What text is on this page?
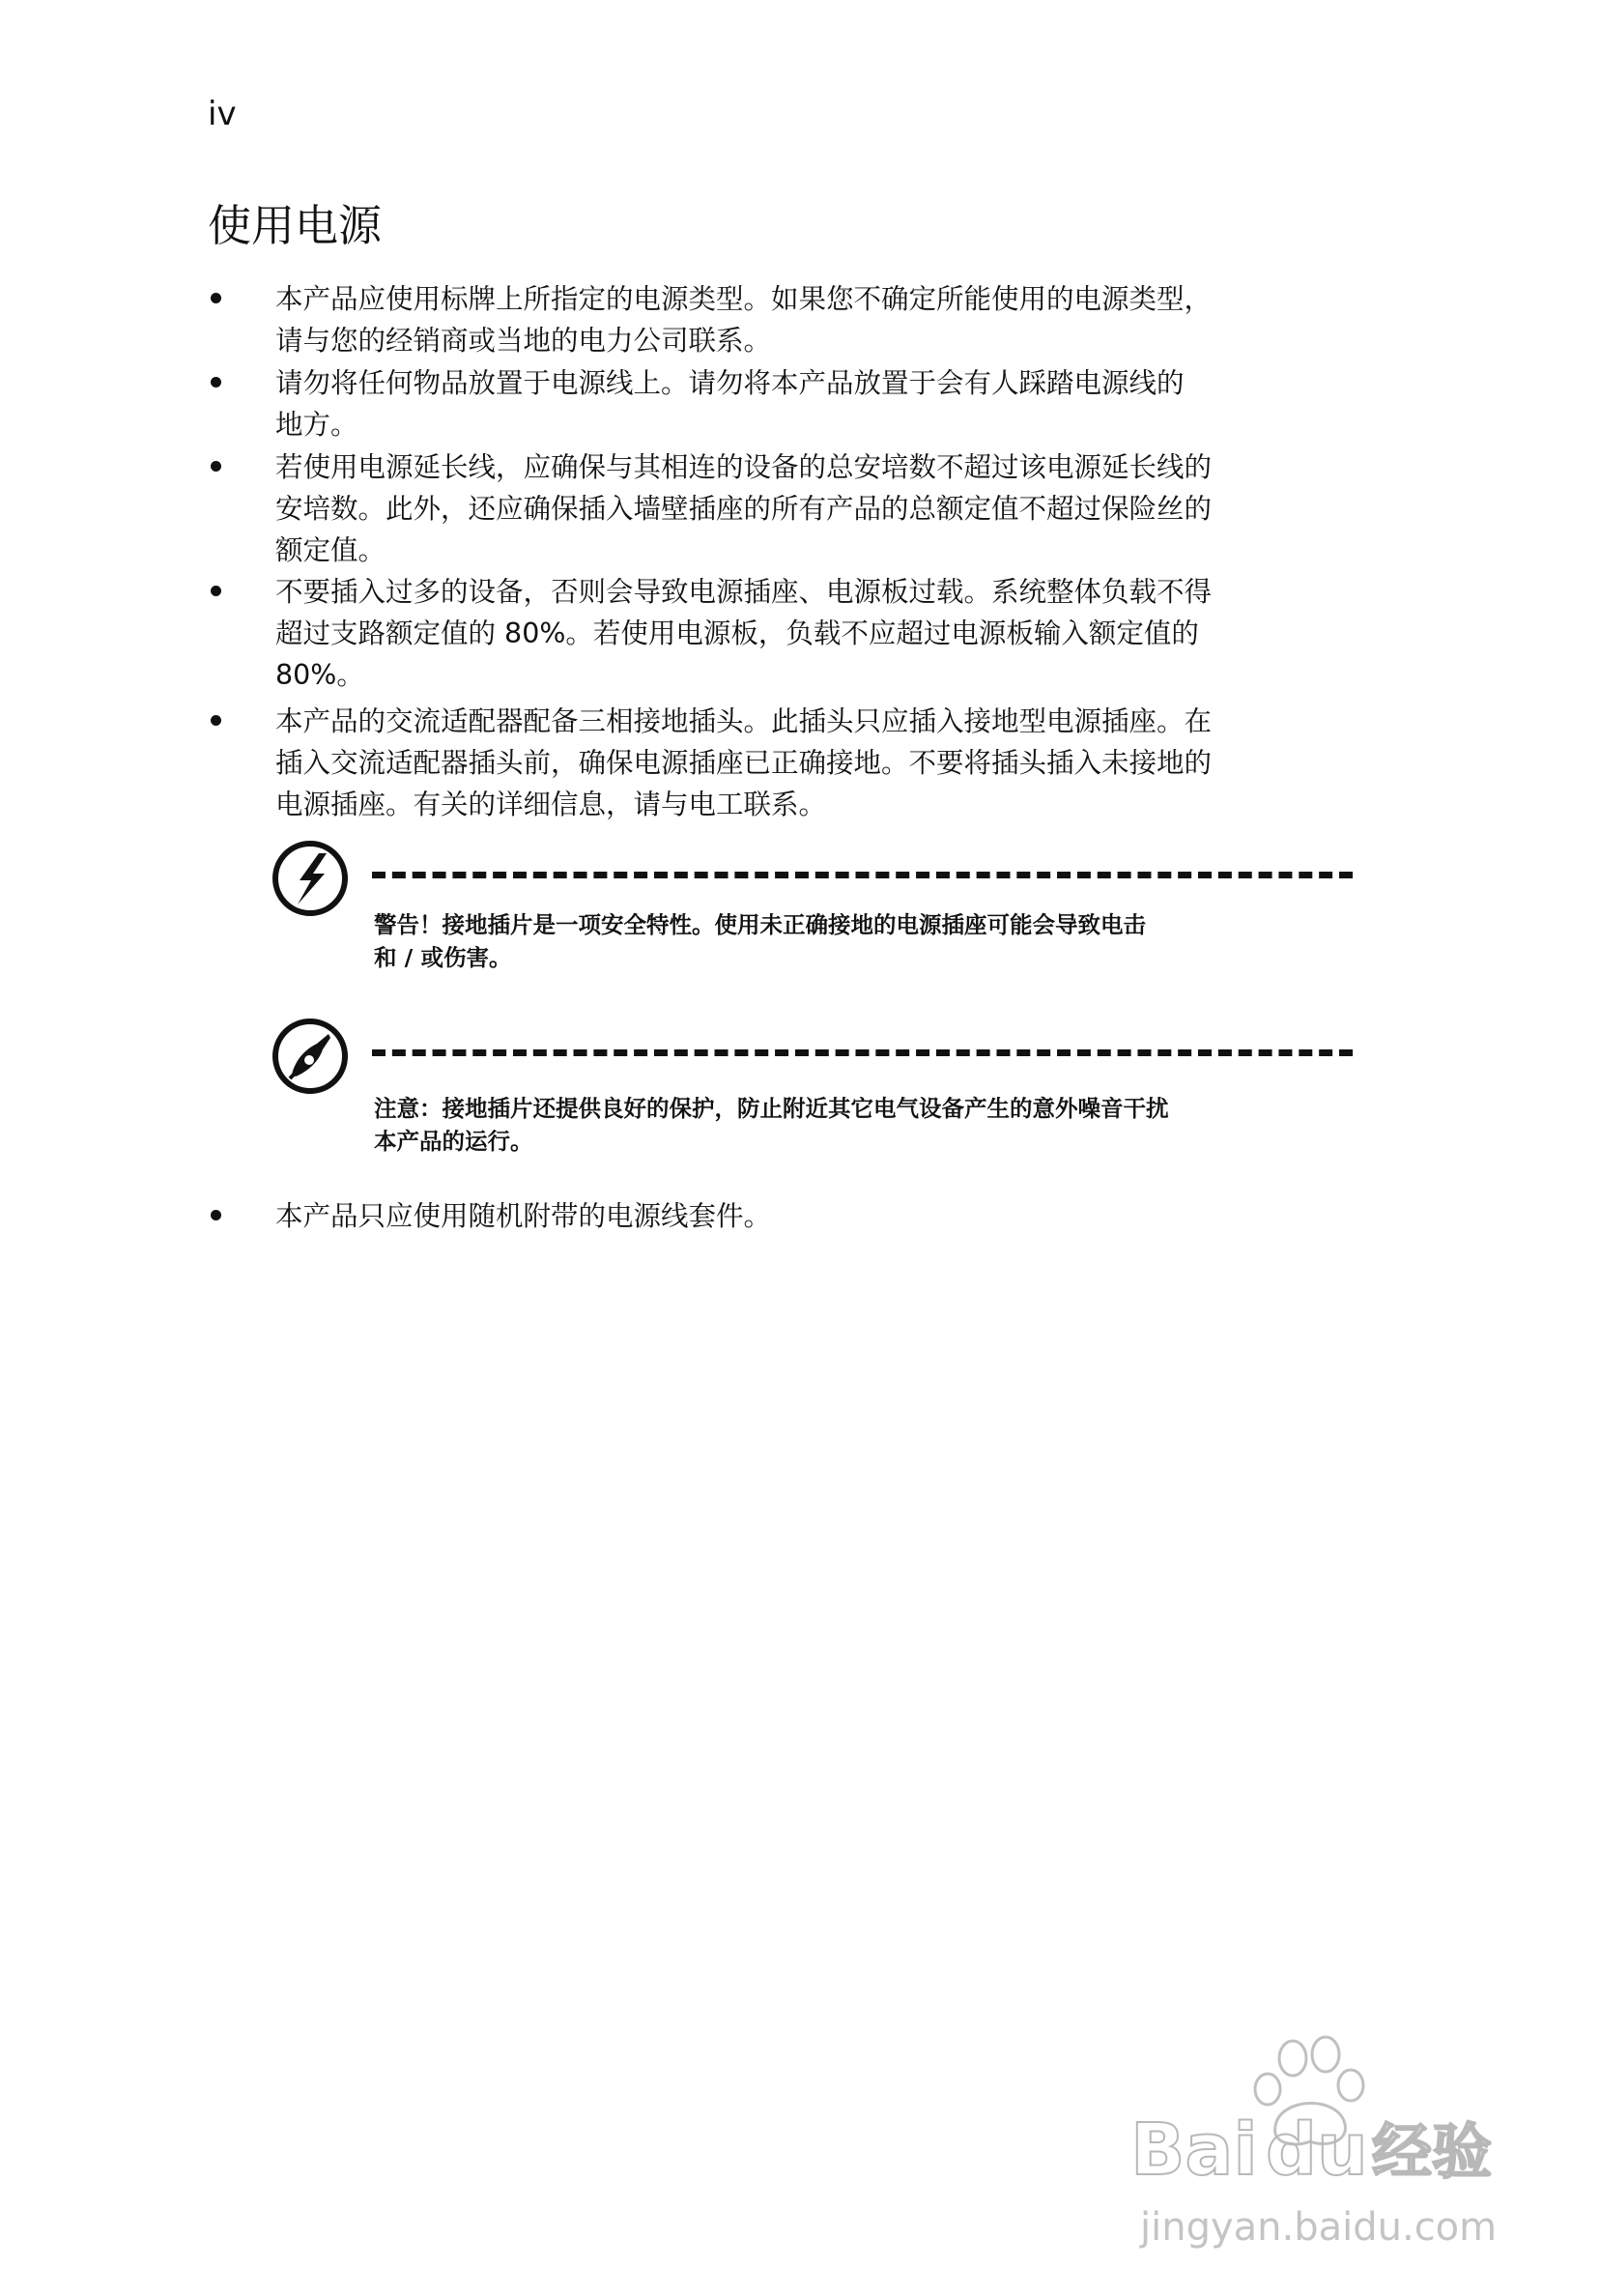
iv
使用电源
本产品应使用标牌上所指定的电源类型。如果您不确定所能使用的电源类型，
请与您的经销商或当地的电力公司联系。
请勿将任何物品放置于电源线上。请勿将本产品放置于会有人踩踏电源线的
地方。
若使用电源延长线，应确保与其相连的设备的总安培数不超过该电源延长线的
安培数。此外，还应确保插入墙壁插座的所有产品的总额定值不超过保险丝的
额定值。
不要插入过多的设备，否则会导致电源插座、电源板过载。系统整体负载不得
超过支路额定值的 80%。若使用电源板，负载不应超过电源板输入额定值的
80%。
本产品的交流适配器配备三相接地插头。此插头只应插入接地型电源插座。在
插入交流适配器插头前，确保电源插座已正确接地。不要将插头插入未接地的
电源插座。有关的详细信息，请与电工联系。
警告！接地插片是一项安全特性。使用未正确接地的电源插座可能会导致电击
和 / 或伤害。
注意：接地插片还提供良好的保护，防止附近其它电气设备产生的意外噪音干扰
本产品的运行。
本产品只应使用随机附带的电源线套件。
Bai du 经验
jingyan.baidu.com
